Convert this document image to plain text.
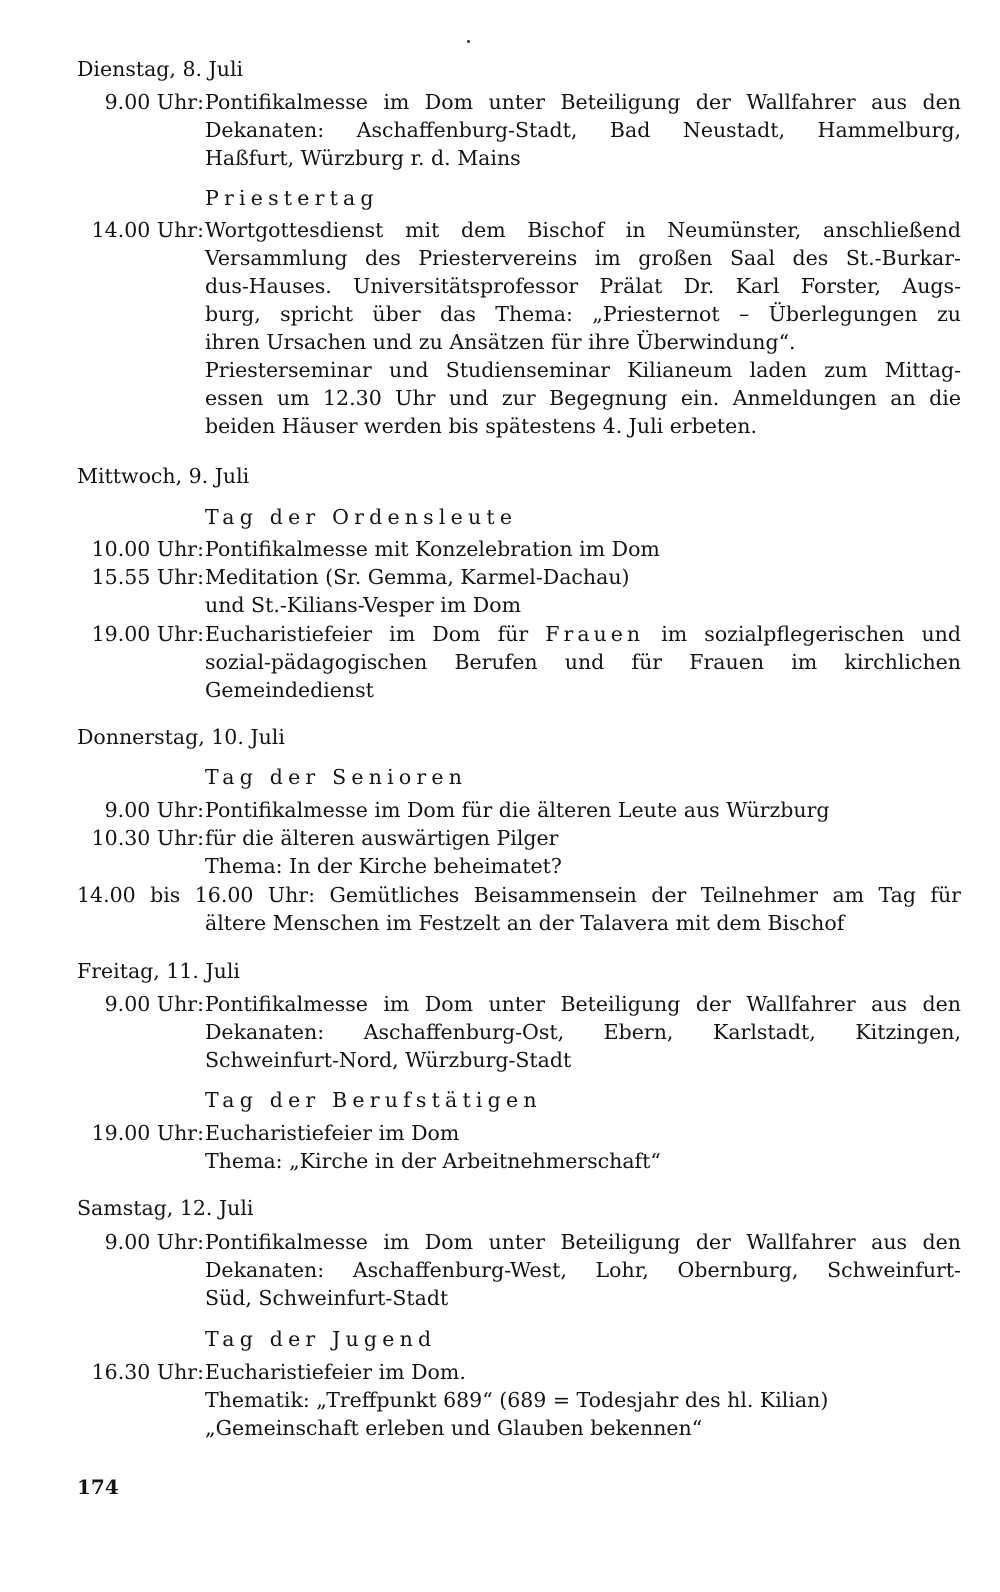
Dienstag, 8. Juli
9.00 Uhr: Pontifikalmesse im Dom unter Beteiligung der Wallfahrer aus den
Dekanaten: Aschaffenburg-Stadt, Bad Neustadt, Hammelburg,
Haßfurt, Würzburg r. d. Mains
Priestertag
14.00 Uhr: Wortgottesdienst mit dem Bischof in Neumünster, anschließend
Versammlung des Priestervereins im großen Saal des St.-Burkar-
dus-Hauses. Universitätsprofessor Prälat Dr. Karl Forster, Augs-
burg, spricht über das Thema: „Priesternot – Überlegungen zu
ihren Ursachen und zu Ansätzen für ihre Überwindung“.
Priesterseminar und Studienseminar Kilianeum laden zum Mittag-
essen um 12.30 Uhr und zur Begegnung ein. Anmeldungen an die
beiden Häuser werden bis spätestens 4. Juli erbeten.
Mittwoch, 9. Juli
Tag der Ordensleute
10.00 Uhr: Pontifikalmesse mit Konzelebration im Dom
15.55 Uhr: Meditation (Sr. Gemma, Karmel-Dachau)
und St.-Kilians-Vesper im Dom
19.00 Uhr: Eucharistiefeier im Dom für Frauen im sozialpflegerischen und
sozial-pädagogischen Berufen und für Frauen im kirchlichen
Gemeindedienst
Donnerstag, 10. Juli
Tag der Senioren
9.00 Uhr: Pontifikalmesse im Dom für die älteren Leute aus Würzburg
10.30 Uhr: für die älteren auswärtigen Pilger
Thema: In der Kirche beheimatet?
14.00 bis 16.00 Uhr: Gemütliches Beisammensein der Teilnehmer am Tag für
ältere Menschen im Festzelt an der Talavera mit dem Bischof
Freitag, 11. Juli
9.00 Uhr: Pontifikalmesse im Dom unter Beteiligung der Wallfahrer aus den
Dekanaten: Aschaffenburg-Ost, Ebern, Karlstadt, Kitzingen,
Schweinfurt-Nord, Würzburg-Stadt
Tag der Berufstätigen
19.00 Uhr: Eucharistiefeier im Dom
Thema: „Kirche in der Arbeitnehmerschaft“
Samstag, 12. Juli
9.00 Uhr: Pontifikalmesse im Dom unter Beteiligung der Wallfahrer aus den
Dekanaten: Aschaffenburg-West, Lohr, Obernburg, Schweinfurt-
Süd, Schweinfurt-Stadt
Tag der Jugend
16.30 Uhr: Eucharistiefeier im Dom.
Thematik: „Treffpunkt 689“ (689 = Todesjahr des hl. Kilian)
„Gemeinschaft erleben und Glauben bekennen“
174
